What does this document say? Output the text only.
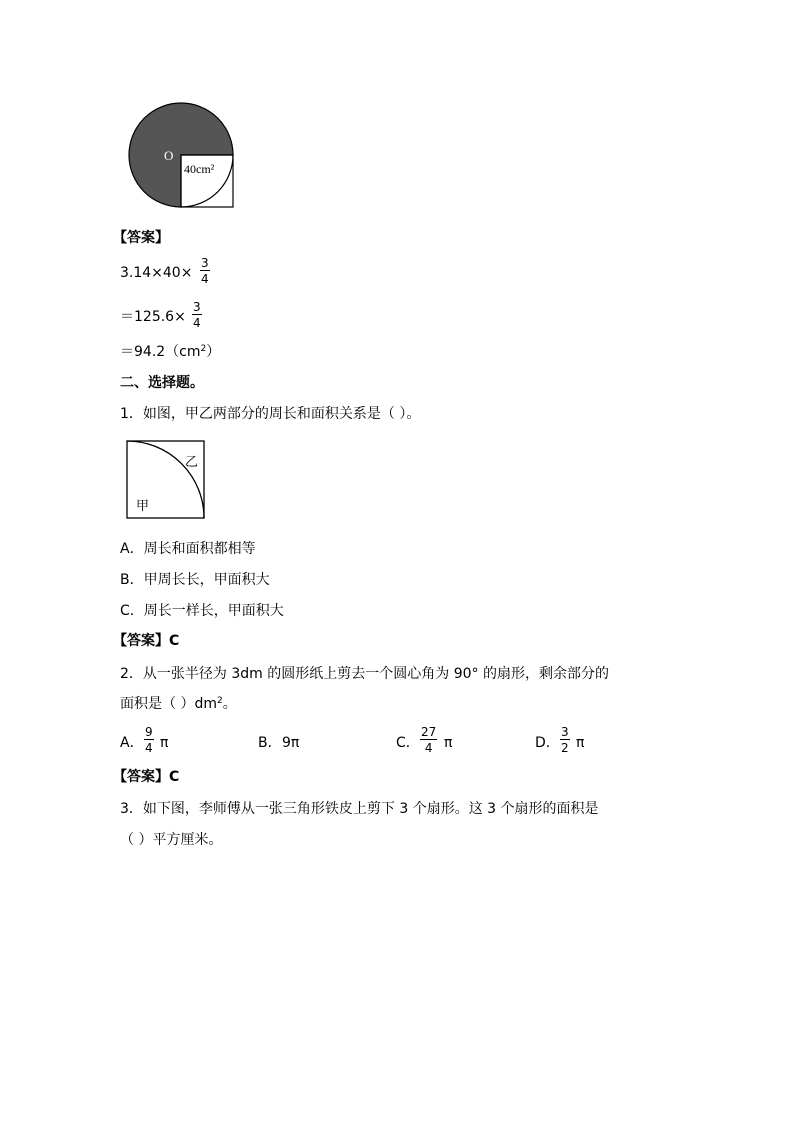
O
40cm²
【答案】
3.14×40×
3
4
＝125.6×
3
4
$=94.2(cm^2)$
二、选择题。
1．如图，甲乙两部分的周长和面积关系是（ ）。
甲
乙
A．周长和面积都相等
B．甲周长长，甲面积大
C．周长一样长，甲面积大
【答案】C
2．从一张半径为 3dm 的圆形纸上剪去一个圆心角为 90° 的扇形，剩余部分的
面积是（ ）$dm^2$。
A．
9
4 π	B． 9π	C．
27
4 π	D．
3
2 π
【答案】C
3．如下图，李师傅从一张三角形铁皮上剪下 3 个扇形。这 3 个扇形的面积是
（ ）平方厘米。
